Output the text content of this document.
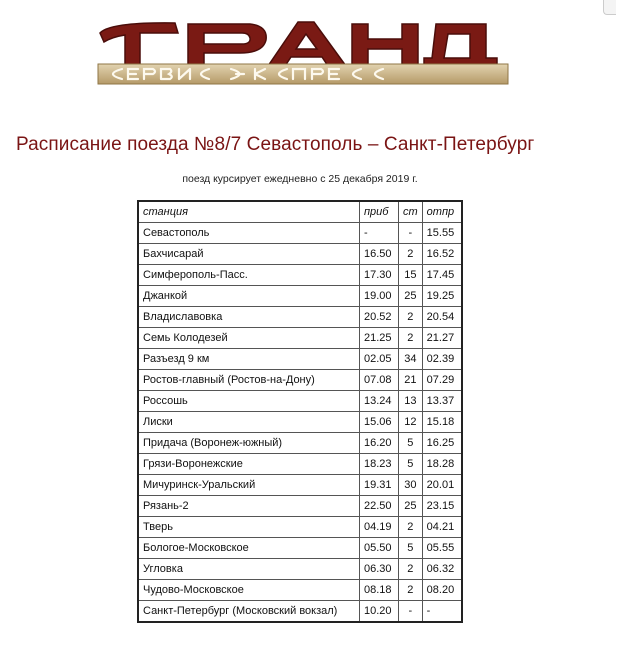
Расписание поезда №8/7 Севастополь – Санкт-Петербург
поезд курсирует ежедневно с 25 декабря 2019 г.
станция	приб	ст	отпр
Севастополь	-	-	15.55
Бахчисарай	16.50	2	16.52
Симферополь-Пасс.	17.30	15	17.45
Джанкой	19.00	25	19.25
Владиславовка	20.52	2	20.54
Семь Колодезей	21.25	2	21.27
Разъезд 9 км	02.05	34	02.39
Ростов-главный (Ростов-на-Дону)	07.08	21	07.29
Россошь	13.24	13	13.37
Лиски	15.06	12	15.18
Придача (Воронеж-южный)	16.20	5	16.25
Грязи-Воронежские	18.23	5	18.28
Мичуринск-Уральский	19.31	30	20.01
Рязань-2	22.50	25	23.15
Тверь	04.19	2	04.21
Бологое-Московское	05.50	5	05.55
Угловка	06.30	2	06.32
Чудово-Московское	08.18	2	08.20
Санкт-Петербург (Московский вокзал)	10.20	-	-
